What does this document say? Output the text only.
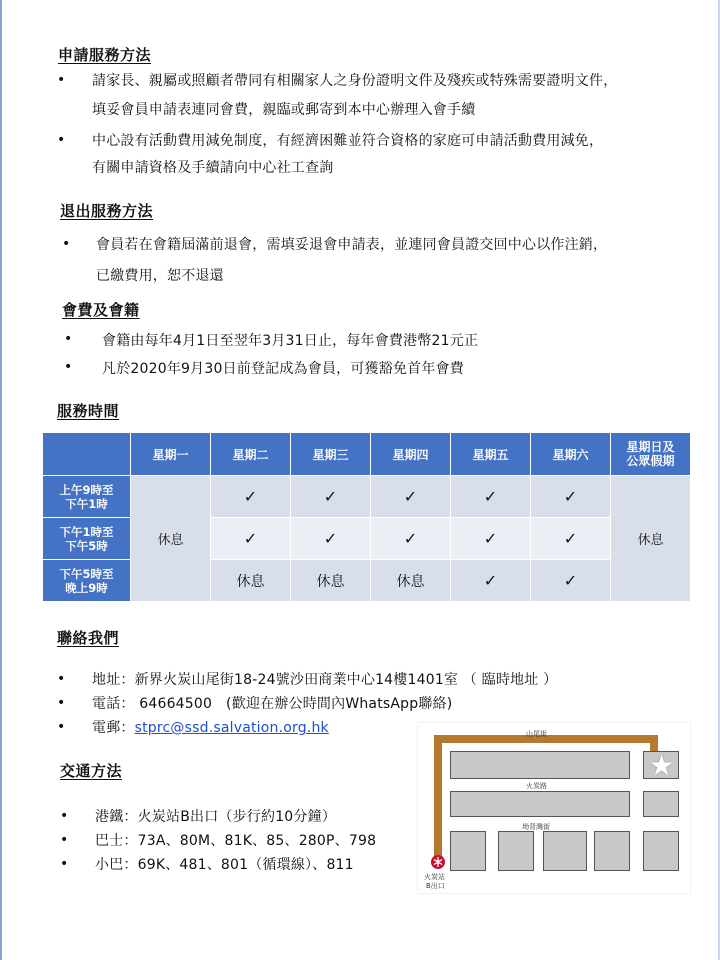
申請服務方法
• 請家長、親屬或照顧者帶同有相關家人之身份證明文件及殘疾或特殊需要證明文件，
填妥會員申請表連同會費，親臨或郵寄到本中心辦理入會手續
• 中心設有活動費用減免制度，有經濟困難並符合資格的家庭可申請活動費用減免，
有關申請資格及手續請向中心社工查詢
退出服務方法
• 會員若在會籍屆滿前退會，需填妥退會申請表，並連同會員證交回中心以作注銷，
已繳費用，恕不退還
會費及會籍
• 會籍由每年4月1日至翌年3月31日止，每年會費港幣21元正
• 凡於2020年9月30日前登記成為會員，可獲豁免首年會費
服務時間
	星期一	星期二	星期三	星期四	星期五	星期六	星期日及
公眾假期

上午9時至
下午1時	休息	✓	✓	✓	✓	✓	休息

下午1時至
下午5時		✓	✓	✓	✓	✓	

下午5時至
晚上9時		休息	休息	休息	✓	✓	
聯絡我們
• 地址：新界火炭山尾街18-24號沙田商業中心14樓1401室 （ 臨時地址 ）
• 電話： 64664500   (歡迎在辦公時間內WhatsApp聯絡)
• 電郵：stprc@ssd.salvation.org.hk
交通方法
• 港鐵：火炭站B出口（步行約10分鐘）
• 巴士：73A、80M、81K、85、280P、798
• 小巴：69K、481、801（循環線）、811
山尾街
★
火炭路
坳背灣街
火炭站
B出口
